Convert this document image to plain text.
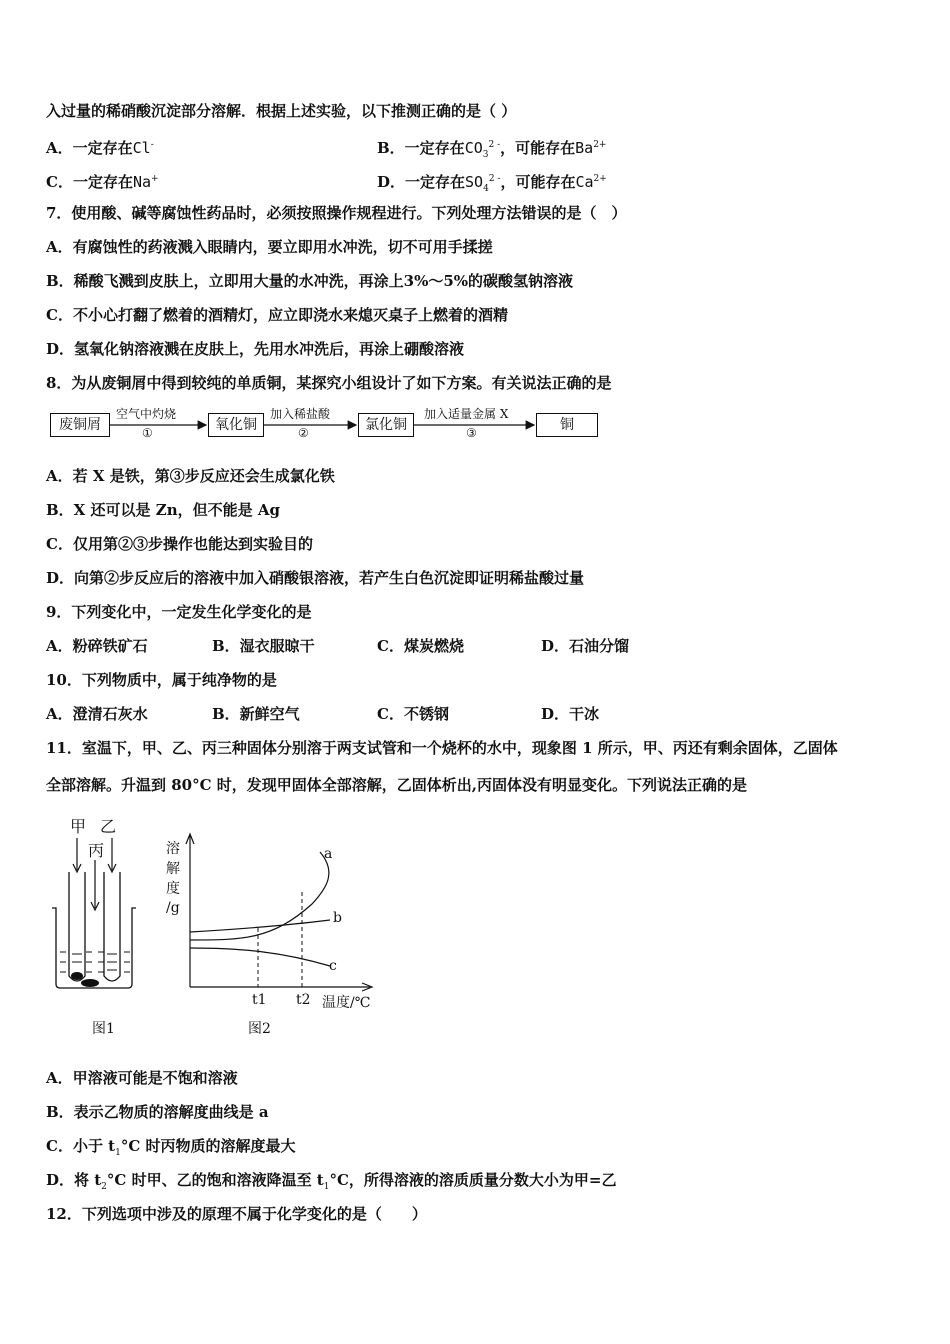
入过量的稀硝酸沉淀部分溶解．根据上述实验，以下推测正确的是（ ）
A．一定存在Cl-	B．一定存在$CO_3^{2 -}$，可能存在$Ba^{2+}$
C．一定存在Na+	D．一定存在$SO_4^{2 -}$，可能存在$Ca^{2+}$
7．使用酸、碱等腐蚀性药品时，必须按照操作规程进行。下列处理方法错误的是（　）
A．有腐蚀性的药液溅入眼睛内，要立即用水冲洗，切不可用手揉搓
B．稀酸飞溅到皮肤上，立即用大量的水冲洗，再涂上3%～5%的碳酸氢钠溶液
C．不小心打翻了燃着的酒精灯，应立即浇水来熄灭桌子上燃着的酒精
D．氢氧化钠溶液溅在皮肤上，先用水冲洗后，再涂上硼酸溶液
8．为从废铜屑中得到较纯的单质铜，某探究小组设计了如下方案。有关说法正确的是
废铜屑
空气中灼烧
①	氧化铜
加入稀盐酸
②	氯化铜
加入适量金属 X
③	铜
A．若 X 是铁，第③步反应还会生成氯化铁
B．X 还可以是 Zn，但不能是 Ag
C．仅用第②③步操作也能达到实验目的
D．向第②步反应后的溶液中加入硝酸银溶液，若产生白色沉淀即证明稀盐酸过量
9．下列变化中，一定发生化学变化的是
A．粉碎铁矿石	B．湿衣服晾干	C．煤炭燃烧	D．石油分馏
10．下列物质中，属于纯净物的是
A．澄清石灰水	B．新鲜空气	C．不锈钢	D．干冰
11．室温下，甲、乙、丙三种固体分别溶于两支试管和一个烧杯的水中，现象图 1 所示，甲、丙还有剩余固体，乙固体
全部溶解。升温到 80°C 时，发现甲固体全部溶解，乙固体析出,丙固体没有明显变化。下列说法正确的是
甲 乙
丙
图1
溶
解
度
/g
a
b
c
t1 t2 温度/℃
图2
A．甲溶液可能是不饱和溶液
B．表示乙物质的溶解度曲线是 a
C．小于 $t_1^\circ C$ 时丙物质的溶解度最大
D．将 $t_2^\circ C$ 时甲、乙的饱和溶液降温至 $t_1^\circ C$，所得溶液的溶质质量分数大小为甲=乙
12．下列选项中涉及的原理不属于化学变化的是（　　）
